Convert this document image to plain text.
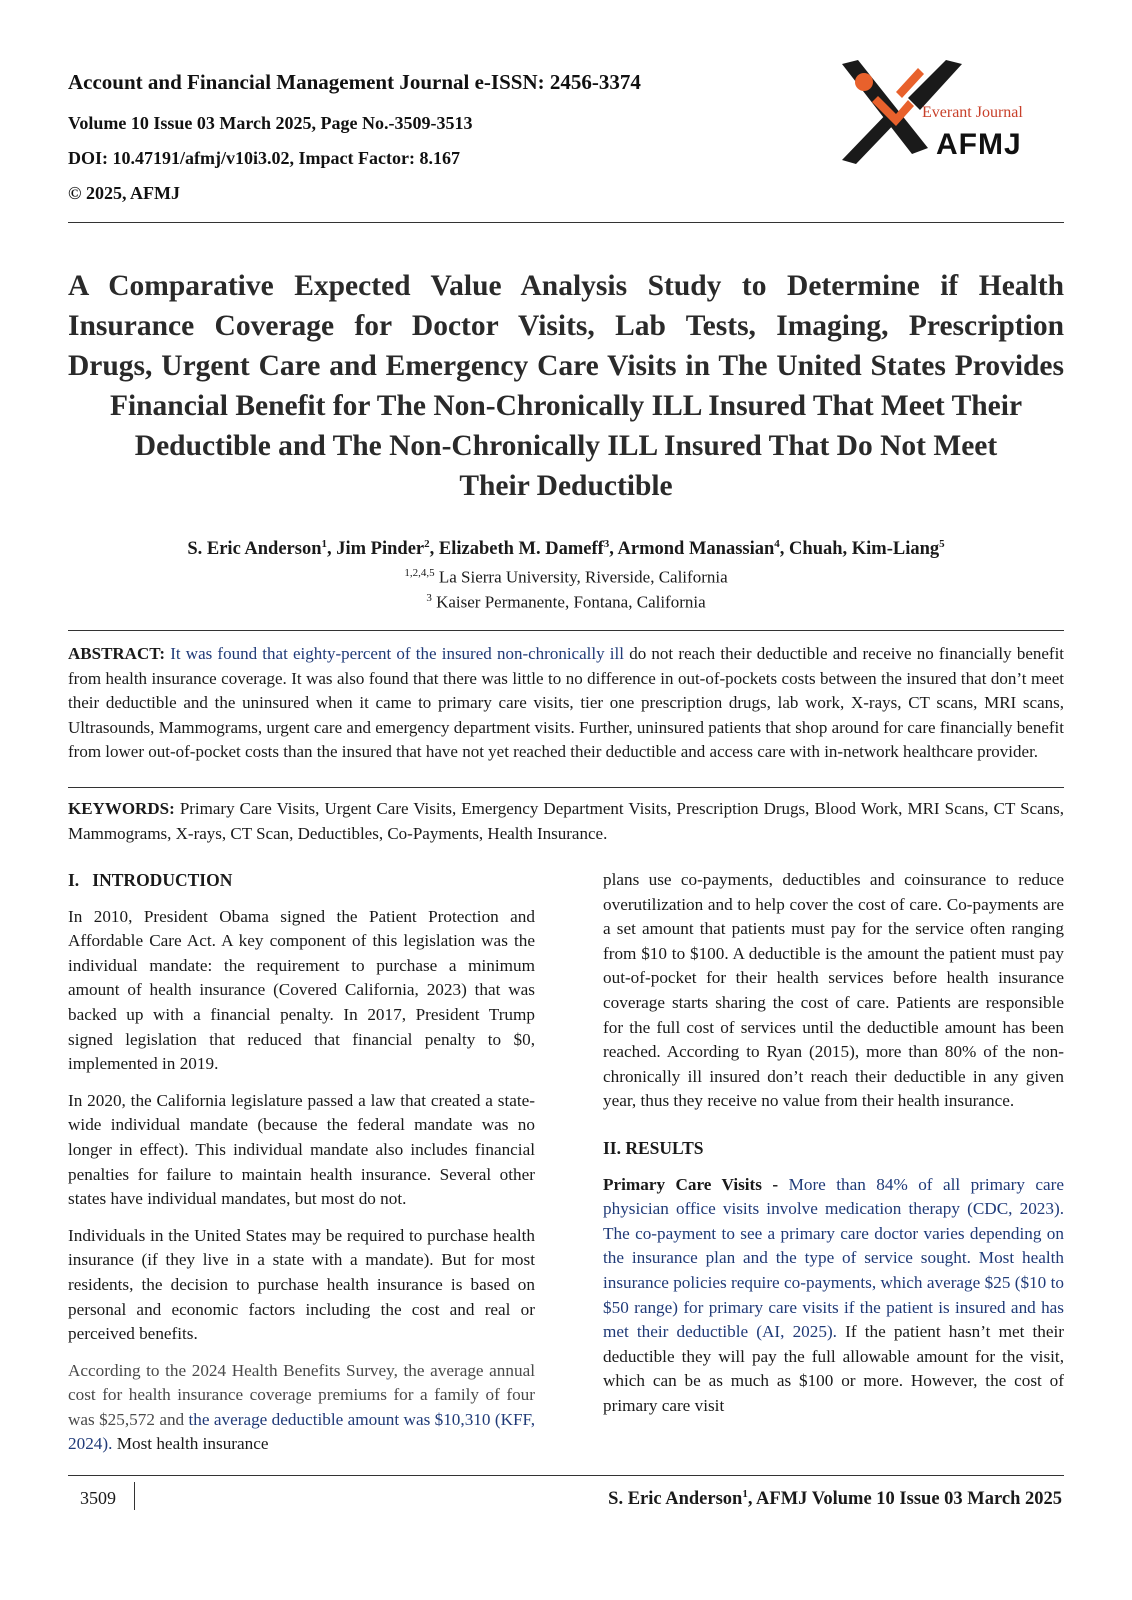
Account and Financial Management Journal e-ISSN: 2456-3374
Volume 10 Issue 03 March 2025, Page No.-3509-3513
DOI: 10.47191/afmj/v10i3.02, Impact Factor: 8.167
© 2025, AFMJ
Everant Journal
AFMJ
A Comparative Expected Value Analysis Study to Determine if Health
Insurance Coverage for Doctor Visits, Lab Tests, Imaging, Prescription
Drugs, Urgent Care and Emergency Care Visits in The United States Provides
Financial Benefit for The Non-Chronically ILL Insured That Meet Their
Deductible and The Non-Chronically ILL Insured That Do Not Meet
Their Deductible
S. Eric Anderson$^1$, Jim Pinder$^2$, Elizabeth M. Dameff$^3$, Armond Manassian$^4$, Chuah, Kim-Liang$^5$
$^{1,2,4,5}$ La Sierra University, Riverside, California
$^3$ Kaiser Permanente, Fontana, California
ABSTRACT: It was found that eighty-percent of the insured non-chronically ill do not reach their deductible and receive no financially benefit from health insurance coverage. It was also found that there was little to no difference in out-of-pockets costs between the insured that don’t meet their deductible and the uninsured when it came to primary care visits, tier one prescription drugs, lab work, X-rays, CT scans, MRI scans, Ultrasounds, Mammograms, urgent care and emergency department visits. Further, uninsured patients that shop around for care financially benefit from lower out-of-pocket costs than the insured that have not yet reached their deductible and access care with in-network healthcare provider.
KEYWORDS: Primary Care Visits, Urgent Care Visits, Emergency Department Visits, Prescription Drugs, Blood Work, MRI Scans, CT Scans, Mammograms, X-rays, CT Scan, Deductibles, Co-Payments, Health Insurance.

I.   INTRODUCTION

In 2010, President Obama signed the Patient Protection and Affordable Care Act. A key component of this legislation was the individual mandate: the requirement to purchase a minimum amount of health insurance (Covered California, 2023) that was backed up with a financial penalty. In 2017, President Trump signed legislation that reduced that financial penalty to $0, implemented in 2019.

In 2020, the California legislature passed a law that created a state-wide individual mandate (because the federal mandate was no longer in effect). This individual mandate also includes financial penalties for failure to maintain health insurance. Several other states have individual mandates, but most do not.

Individuals in the United States may be required to purchase health insurance (if they live in a state with a mandate). But for most residents, the decision to purchase health insurance is based on personal and economic factors including the cost and real or perceived benefits.

According to the 2024 Health Benefits Survey, the average annual cost for health insurance coverage premiums for a family of four was $25,572 and the average deductible amount was $10,310 (KFF, 2024). Most health insurance

plans use co-payments, deductibles and coinsurance to reduce overutilization and to help cover the cost of care. Co-payments are a set amount that patients must pay for the service often ranging from $10 to $100. A deductible is the amount the patient must pay out-of-pocket for their health services before health insurance coverage starts sharing the cost of care. Patients are responsible for the full cost of services until the deductible amount has been reached. According to Ryan (2015), more than 80% of the non-chronically ill insured don’t reach their deductible in any given year, thus they receive no value from their health insurance.

II. RESULTS

Primary Care Visits - More than 84% of all primary care physician office visits involve medication therapy (CDC, 2023). The co-payment to see a primary care doctor varies depending on the insurance plan and the type of service sought. Most health insurance policies require co-payments, which average $25 ($10 to $50 range) for primary care visits if the patient is insured and has met their deductible (AI, 2025). If the patient hasn’t met their deductible they will pay the full allowable amount for the visit, which can be as much as $100 or more. However, the cost of primary care visit

3509	S. Eric Anderson$^1$, AFMJ Volume 10 Issue 03 March 2025
